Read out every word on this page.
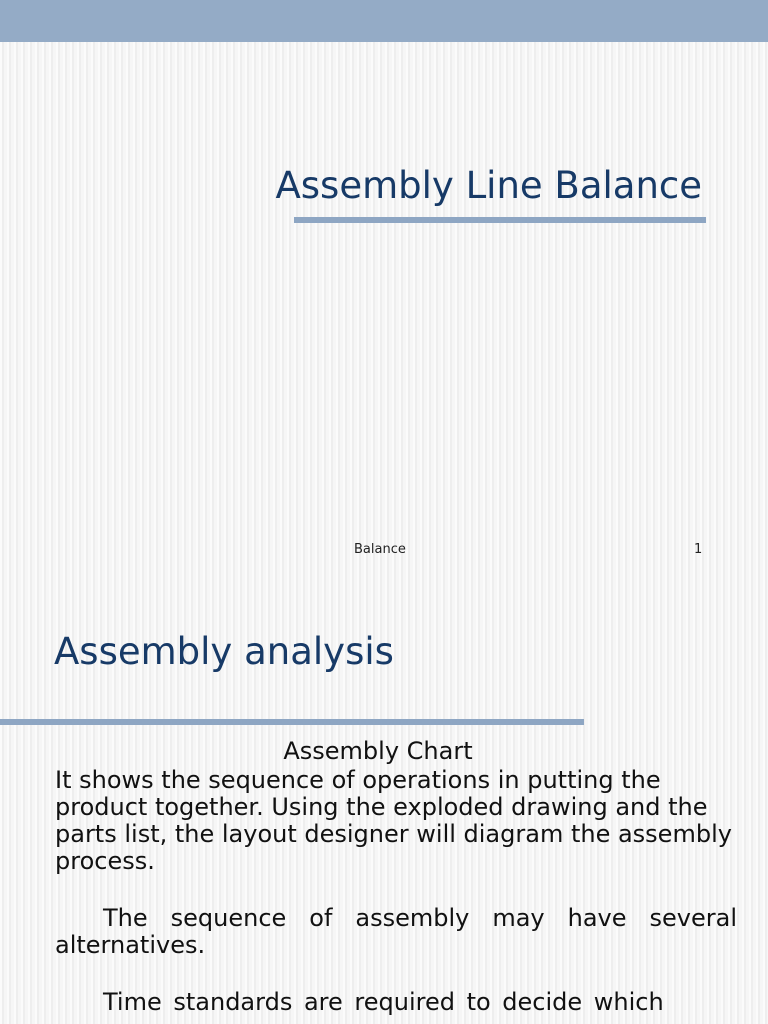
Assembly Line Balance
Balance	1
Assembly analysis

Assembly Chart

It shows the sequence of operations in putting the product together. Using the exploded drawing and the parts list, the layout designer will diagram the assembly process.

The sequence of assembly may have several alternatives.

Time standards are required to decide which
